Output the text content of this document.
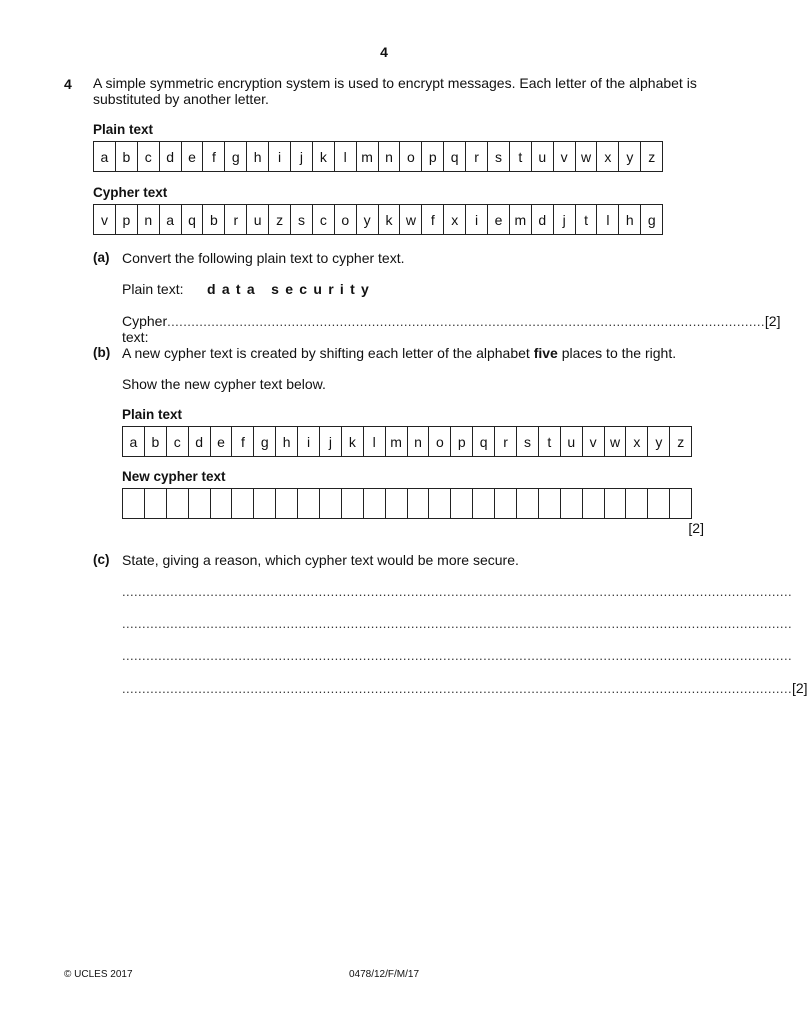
4
4 A simple symmetric encryption system is used to encrypt messages. Each letter of the alphabet is substituted by another letter.
Plain text
a	b	c	d	e	f	g	h	i	j	k	l	m	n	o	p	q	r	s	t	u	v	w	x	y	z
Cypher text
v	p	n	a	q	b	r	u	z	s	c	o	y	k	w	f	x	i	e	m	d	j	t	l	h	g
(a) Convert the following plain text to cypher text.
Plain text: d a t a   s e c u r i t y
Cypher text:
..................................................................................................................................................... [2]
(b) A new cypher text is created by shifting each letter of the alphabet five places to the right.
Show the new cypher text below.
Plain text
a	b	c	d	e	f	g	h	i	j	k	l	m	n	o	p	q	r	s	t	u	v	w	x	y	z
New cypher text

[2]
(c) State, giving a reason, which cypher text would be more secure.
.......................................................................................................................................................................
.......................................................................................................................................................................
.......................................................................................................................................................................
....................................................................................................................................................................... [2]
© UCLES 2017	0478/12/F/M/17
